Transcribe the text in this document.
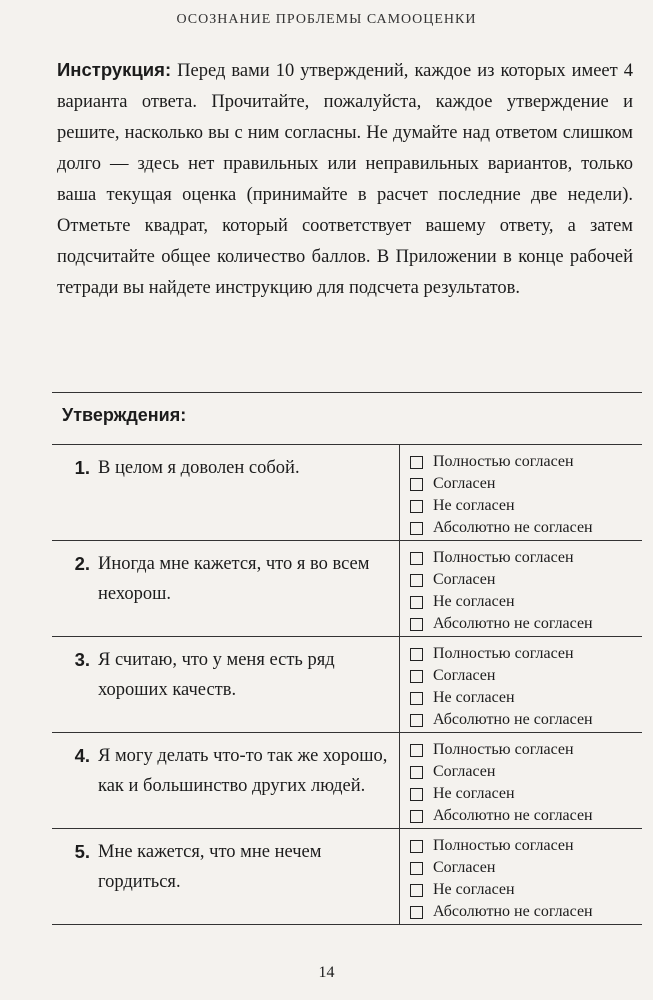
ОСОЗНАНИЕ ПРОБЛЕМЫ САМООЦЕНКИ
Инструкция: Перед вами 10 утверждений, каждое из которых имеет 4 варианта ответа. Прочитайте, пожалуйста, каждое утверждение и решите, насколько вы с ним согласны. Не думайте над ответом слишком долго — здесь нет правильных или неправильных вариантов, только ваша текущая оценка (принимайте в расчет последние две недели). Отметьте квадрат, который соответствует вашему ответу, а затем подсчитайте общее количество баллов. В Приложении в конце рабочей тетради вы найдете инструкцию для подсчета результатов.
Утверждения:
1. В целом я доволен собой.	Полностью согласен
Согласен
Не согласен
Абсолютно не согласен
2. Иногда мне кажется, что я во всем нехорош.
Полностью согласен
Согласен
Не согласен
Абсолютно не согласен
3. Я считаю, что у меня есть ряд хороших качеств.
Полностью согласен
Согласен
Не согласен
Абсолютно не согласен
4. Я могу делать что-то так же хорошо, как и большинство других людей.
Полностью согласен
Согласен
Не согласен
Абсолютно не согласен
5. Мне кажется, что мне нечем гордиться.
Полностью согласен
Согласен
Не согласен
Абсолютно не согласен
14
